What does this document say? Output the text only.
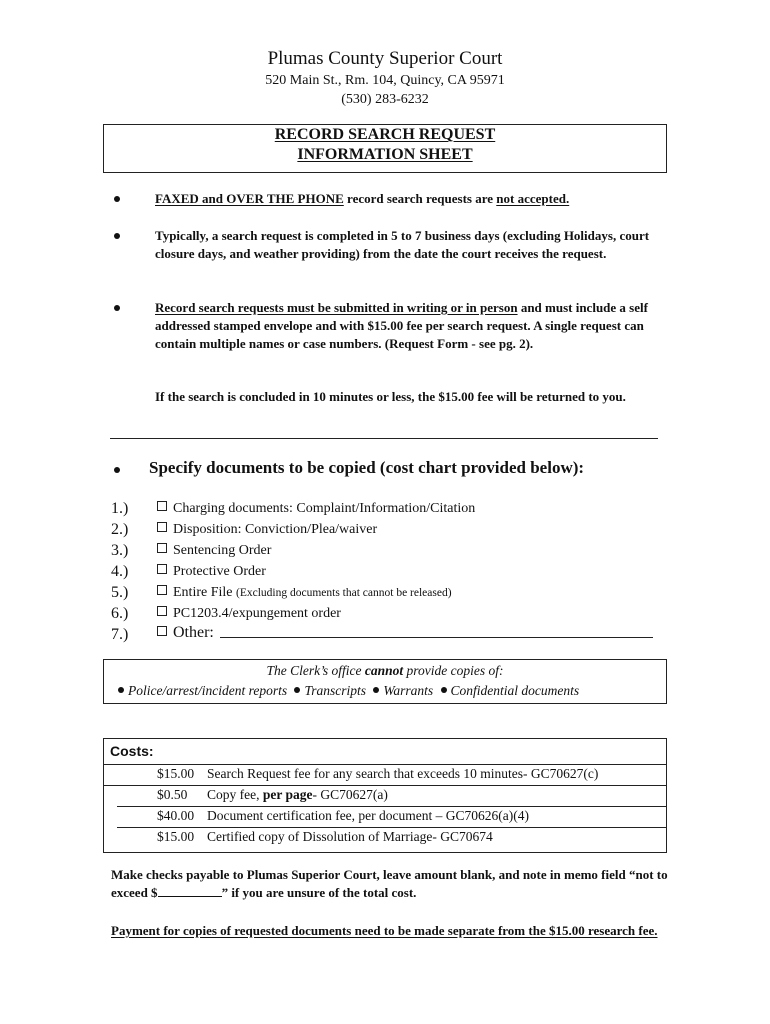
Plumas County Superior Court
520 Main St., Rm. 104, Quincy, CA 95971
(530) 283-6232
RECORD SEARCH REQUEST
INFORMATION SHEET
FAXED and OVER THE PHONE record search requests are not accepted.
Typically, a search request is completed in 5 to 7 business days (excluding Holidays, court closure days, and weather providing) from the date the court receives the request.
Record search requests must be submitted in writing or in person and must include a self addressed stamped envelope and with $15.00 fee per search request. A single request can contain multiple names or case numbers. (Request Form - see pg. 2).
If the search is concluded in 10 minutes or less, the $15.00 fee will be returned to you.
Specify documents to be copied (cost chart provided below):
1.)	Charging documents: Complaint/Information/Citation
2.)	Disposition: Conviction/Plea/waiver
3.)	Sentencing Order
4.)	Protective Order
5.)	Entire File (Excluding documents that cannot be released)
6.)	PC1203.4/expungement order
7.)	Other:
The Clerk’s office cannot provide copies of:
Police/arrest/incident reports Transcripts Warrants Confidential documents
Costs:
$15.00 Search Request fee for any search that exceeds 10 minutes- GC70627(c)
$0.50 Copy fee, per page- GC70627(a)
$40.00 Document certification fee, per document – GC70626(a)(4)
$15.00 Certified copy of Dissolution of Marriage- GC70674
Make checks payable to Plumas Superior Court, leave amount blank, and note in memo field “not to exceed $	” if you are unsure of the total cost.
Payment for copies of requested documents need to be made separate from the $15.00 research fee.
